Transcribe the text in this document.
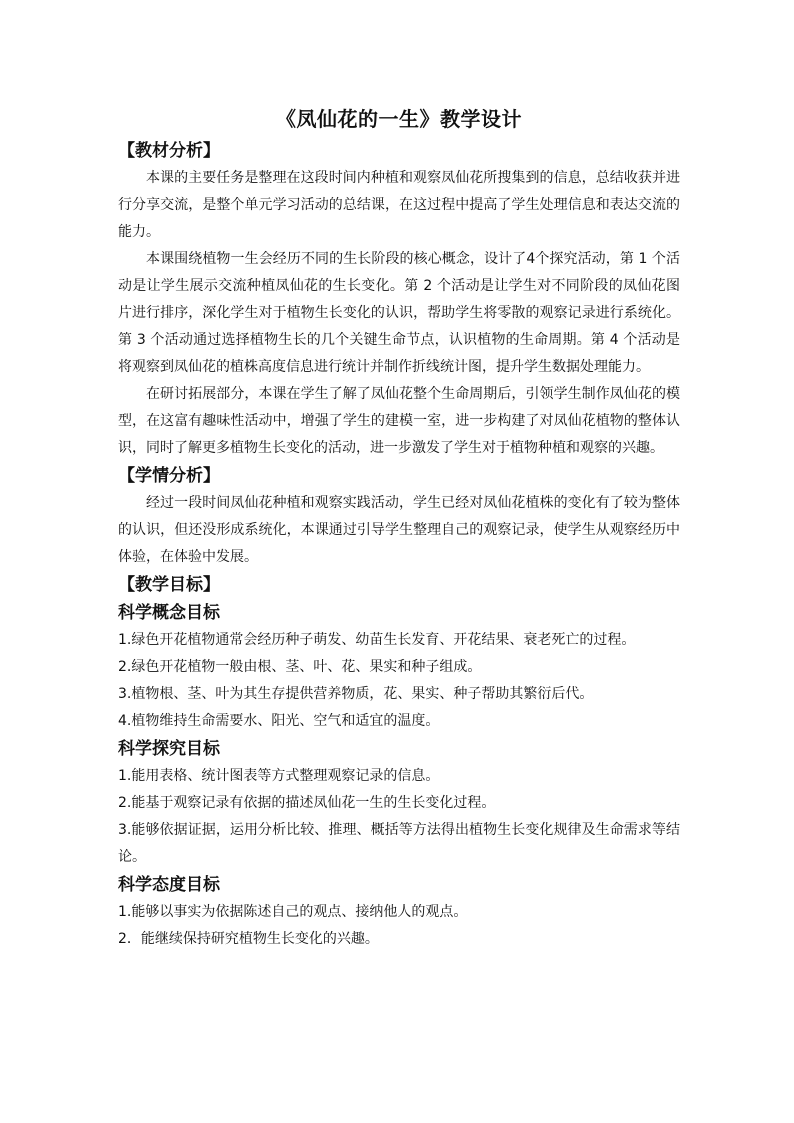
《凤仙花的一生》教学设计
【教材分析】

本课的主要任务是整理在这段时间内种植和观察凤仙花所搜集到的信息，总结收获并进行分享交流，是整个单元学习活动的总结课，在这过程中提高了学生处理信息和表达交流的能力。

本课围绕植物一生会经历不同的生长阶段的核心概念，设计了4个探究活动，第 1 个活动是让学生展示交流种植凤仙花的生长变化。第 2 个活动是让学生对不同阶段的凤仙花图片进行排序，深化学生对于植物生长变化的认识，帮助学生将零散的观察记录进行系统化。第 3 个活动通过选择植物生长的几个关键生命节点，认识植物的生命周期。第 4 个活动是将观察到凤仙花的植株高度信息进行统计并制作折线统计图，提升学生数据处理能力。

在研讨拓展部分，本课在学生了解了凤仙花整个生命周期后，引领学生制作凤仙花的模型，在这富有趣味性活动中，增强了学生的建模一室，进一步构建了对凤仙花植物的整体认识，同时了解更多植物生长变化的活动，进一步激发了学生对于植物种植和观察的兴趣。

【学情分析】

经过一段时间凤仙花种植和观察实践活动，学生已经对凤仙花植株的变化有了较为整体的认识，但还没形成系统化，本课通过引导学生整理自己的观察记录，使学生从观察经历中体验，在体验中发展。

【教学目标】
科学概念目标

1.绿色开花植物通常会经历种子萌发、幼苗生长发育、开花结果、衰老死亡的过程。

2.绿色开花植物一般由根、茎、叶、花、果实和种子组成。

3.植物根、茎、叶为其生存提供营养物质，花、果实、种子帮助其繁衍后代。

4.植物维持生命需要水、阳光、空气和适宜的温度。

科学探究目标

1.能用表格、统计图表等方式整理观察记录的信息。

2.能基于观察记录有依据的描述凤仙花一生的生长变化过程。

3.能够依据证据，运用分析比较、推理、概括等方法得出植物生长变化规律及生命需求等结论。

科学态度目标

1.能够以事实为依据陈述自己的观点、接纳他人的观点。

2．能继续保持研究植物生长变化的兴趣。
